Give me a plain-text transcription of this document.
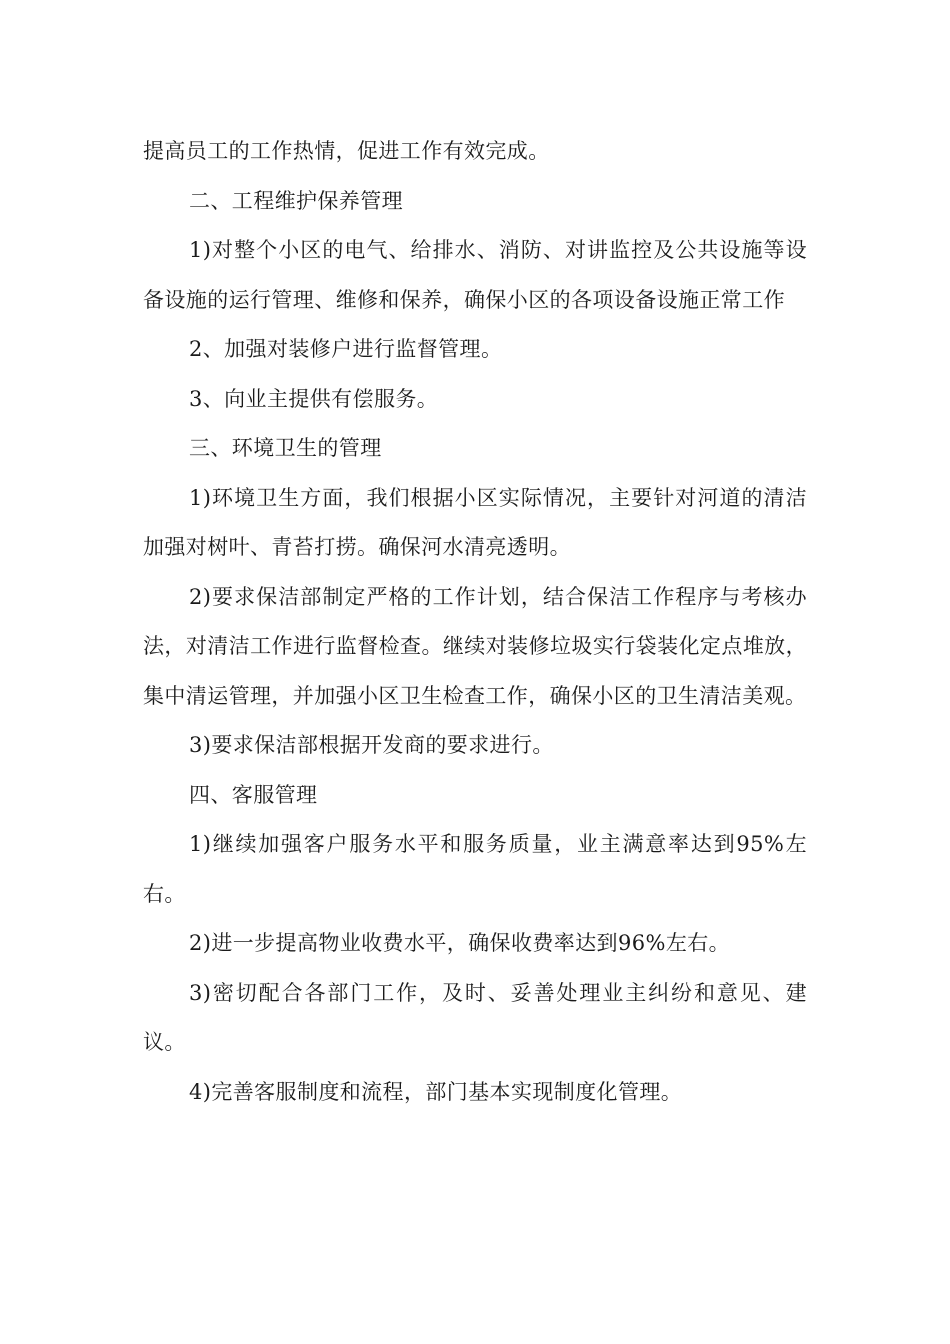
提高员工的工作热情，促进工作有效完成。

二、工程维护保养管理

1)对整个小区的电气、给排水、消防、对讲监控及公共设施等设备设施的运行管理、维修和保养，确保小区的各项设备设施正常工作

2、加强对装修户进行监督管理。

3、向业主提供有偿服务。

三、环境卫生的管理

1)环境卫生方面，我们根据小区实际情况，主要针对河道的清洁加强对树叶、青苔打捞。确保河水清亮透明。

2)要求保洁部制定严格的工作计划，结合保洁工作程序与考核办法，对清洁工作进行监督检查。继续对装修垃圾实行袋装化定点堆放，集中清运管理，并加强小区卫生检查工作，确保小区的卫生清洁美观。

3)要求保洁部根据开发商的要求进行。

四、客服管理

1)继续加强客户服务水平和服务质量，业主满意率达到95%左右。

2)进一步提高物业收费水平，确保收费率达到96%左右。

3)密切配合各部门工作，及时、妥善处理业主纠纷和意见、建议。

4)完善客服制度和流程，部门基本实现制度化管理。
